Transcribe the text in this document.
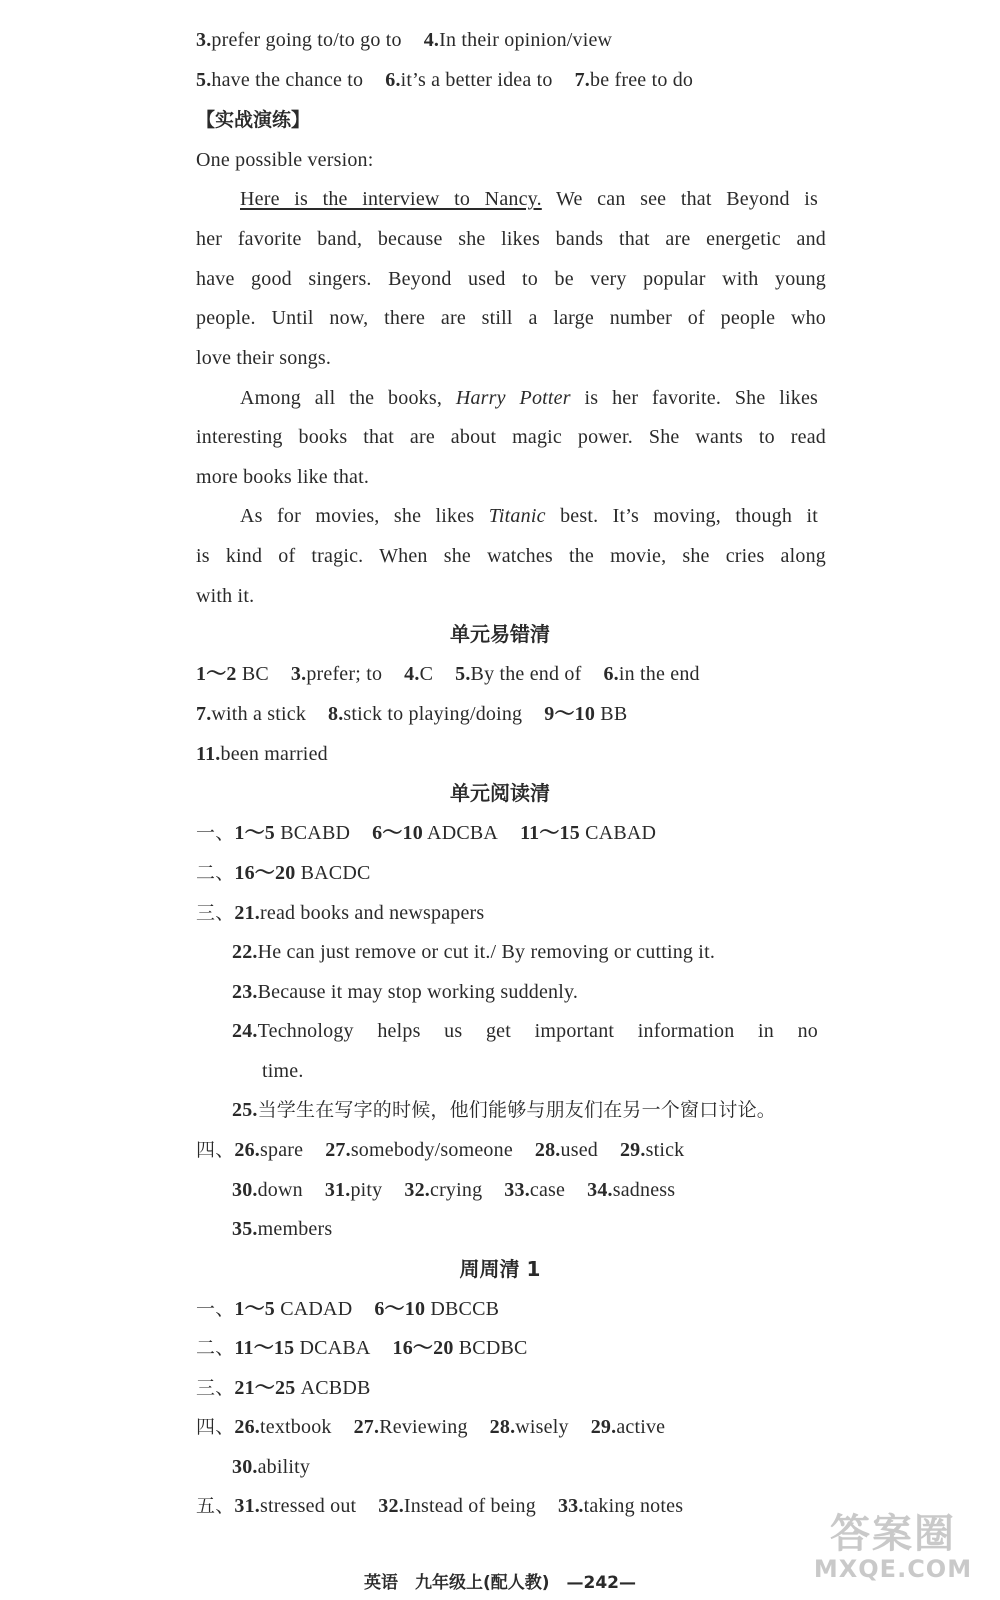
3.prefer going to/to go to 4.In their opinion/view
5.have the chance to 6.it’s a better idea to 7.be free to do
【实战演练】
One possible version:
Here is the interview to Nancy. We can see that Beyond is
her favorite band, because she likes bands that are energetic and
have good singers. Beyond used to be very popular with young
people. Until now, there are still a large number of people who
love their songs.
Among all the books, Harry Potter is her favorite. She likes
interesting books that are about magic power. She wants to read
more books like that.
As for movies, she likes Titanic best. It’s moving, though it
is kind of tragic. When she watches the movie, she cries along
with it.
单元易错清
1～2 BC 3.prefer; to 4.C 5.By the end of 6.in the end
7.with a stick 8.stick to playing/doing 9～10 BB
11.been married
单元阅读清
一、1～5 BCABD 6～10 ADCBA 11～15 CABAD
二、16～20 BACDC
三、21.read books and newspapers
22.He can just remove or cut it./ By removing or cutting it.
23.Because it may stop working suddenly.
24.Technology helps us get important information in no
time.
25.当学生在写字的时候，他们能够与朋友们在另一个窗口讨论。
四、26.spare 27.somebody/someone 28.used 29.stick
30.down 31.pity 32.crying 33.case 34.sadness
35.members
周周清 1
一、1～5 CADAD 6～10 DBCCB
二、11～15 DCABA 16～20 BCDBC
三、21～25 ACBDB
四、26.textbook 27.Reviewing 28.wisely 29.active
30.ability
五、31.stressed out 32.Instead of being 33.taking notes
英语　九年级上(配人教)　—242—
答案圈
MXQE.COM
